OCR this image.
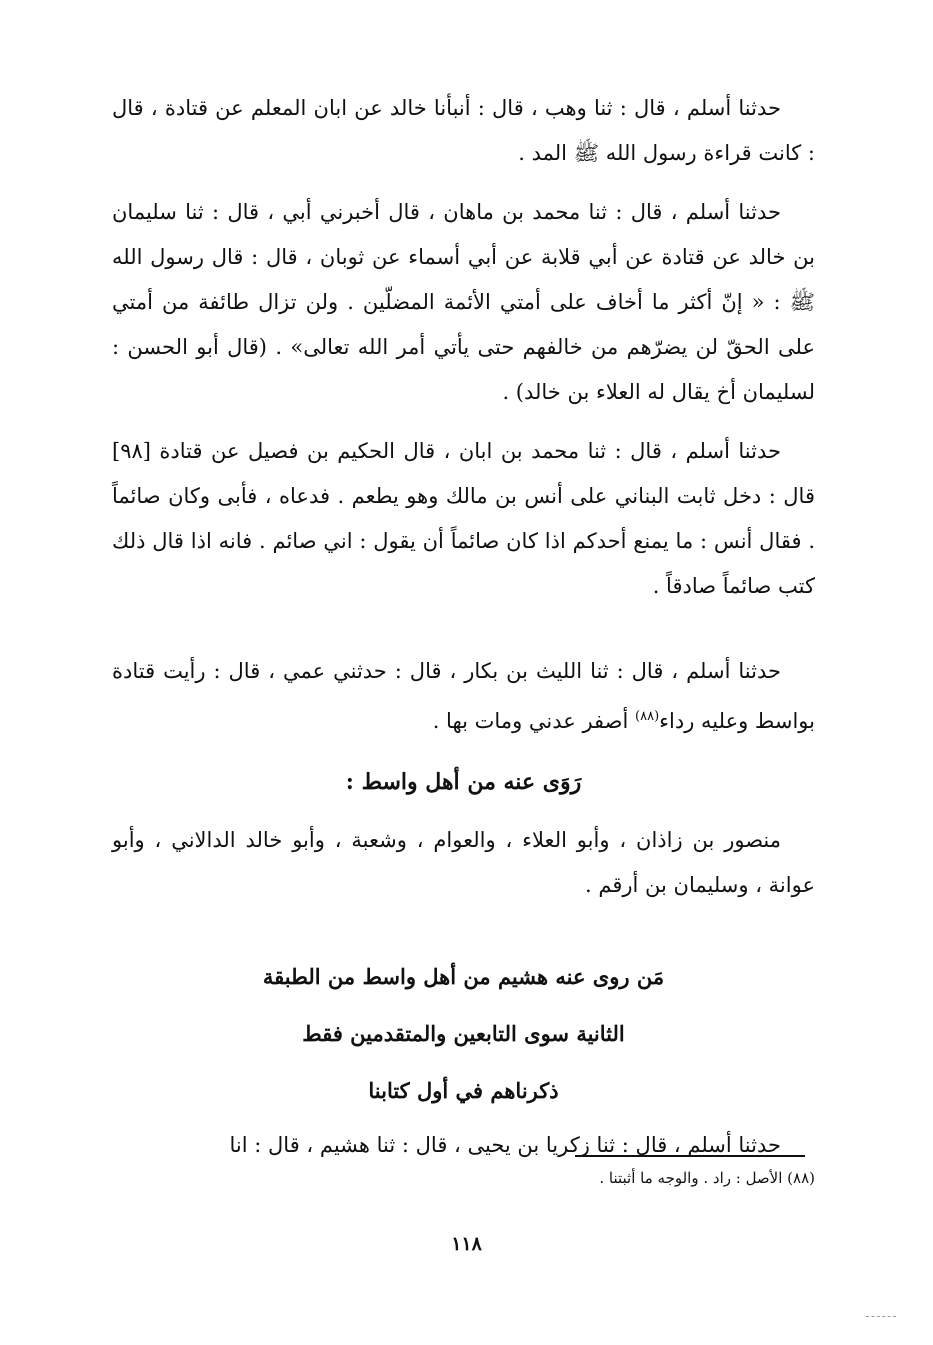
حدثنا أسلم ، قال : ثنا وهب ، قال : أنبأنا خالد عن ابان المعلم عن قتادة ، قال : كانت قراءة رسول الله ﷺ المد .

حدثنا أسلم ، قال : ثنا محمد بن ماهان ، قال أخبرني أبي ، قال : ثنا سليمان بن خالد عن قتادة عن أبي قلابة عن أبي أسماء عن ثوبان ، قال : قال رسول الله ﷺ : « إنّ أكثر ما أخاف على أمتي الأئمة المضلّين . ولن تزال طائفة من أمتي على الحقّ لن يضرّهم من خالفهم حتى يأتي أمر الله تعالى» . (قال أبو الحسن : لسليمان أخ يقال له العلاء بن خالد) .

حدثنا أسلم ، قال : ثنا محمد بن ابان ، قال الحكيم بن فصيل عن قتادة [٩٨] قال : دخل ثابت البناني على أنس بن مالك وهو يطعم . فدعاه ، فأبى وكان صائماً . فقال أنس : ما يمنع أحدكم اذا كان صائماً أن يقول : اني صائم . فانه اذا قال ذلك كتب صائماً صادقاً .

حدثنا أسلم ، قال : ثنا الليث بن بكار ، قال : حدثني عمي ، قال : رأيت قتادة بواسط وعليه رداء$^{(٨٨)}$ أصفر عدني ومات بها .

رَوَى عنه من أهل واسط :

منصور بن زاذان ، وأبو العلاء ، والعوام ، وشعبة ، وأبو خالد الدالاني ، وأبو عوانة ، وسليمان بن أرقم .

مَن روى عنه هشيم من أهل واسط من الطبقة
الثانية سوى التابعين والمتقدمين فقط
ذكرناهم في أول كتابنا

حدثنا أسلم ، قال : ثنا زكريا بن يحيى ، قال : ثنا هشيم ، قال : انا

(٨٨) الأصل : راد . والوجه ما أثبتنا .
١١٨
